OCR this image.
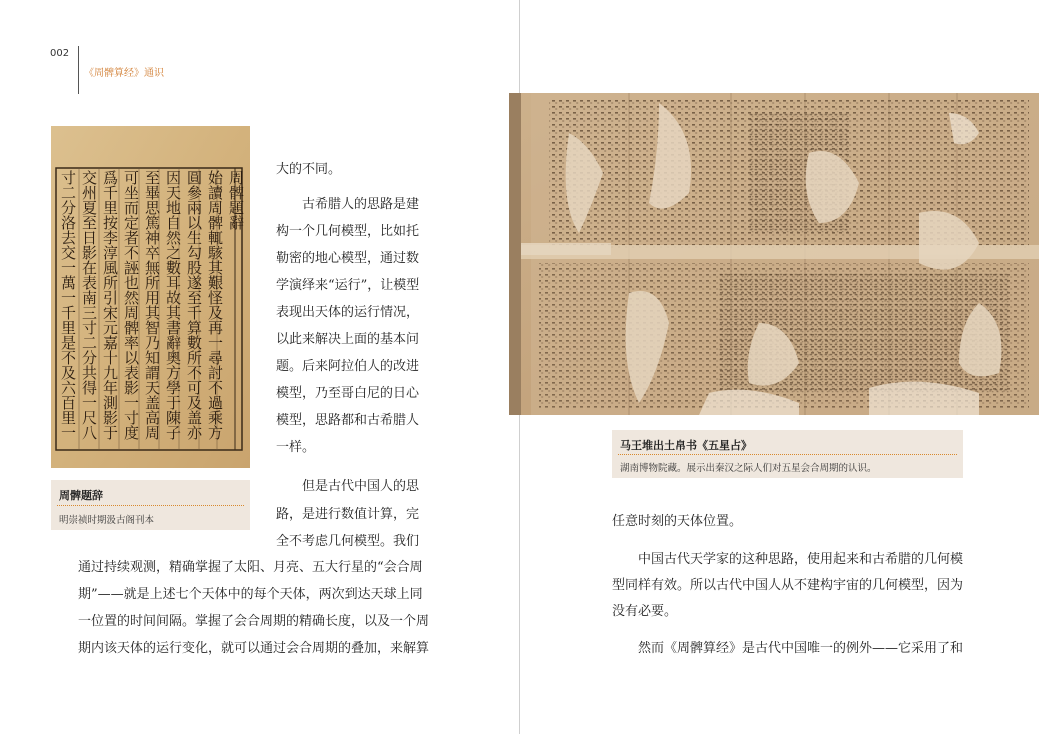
002
《周髀算经》通识
周髀題辭
始讀周髀輒駭其艱怪及再一尋討不過乘方
圓參兩以生勾股遂至千算數所不可及盖亦
因天地自然之數耳故其書辭奧方學于陳子
至畢思篤神卒無所用其智乃知謂天盖高周
可坐而定者不誣也然周髀率以表影一寸度
爲千里按李淳風所引宋元嘉十九年測影于
交州夏至日影在表南三寸二分共得一尺八
寸二分洛去交一萬一千里是不及六百里一
周髀题辞
明崇祯时期汲古阁刊本
大的不同。
古希腊人的思路是建
构一个几何模型，比如托
勒密的地心模型，通过数
学演绎来“运行”，让模型
表现出天体的运行情况，
以此来解决上面的基本问
题。后来阿拉伯人的改进
模型，乃至哥白尼的日心
模型，思路都和古希腊人
一样。
但是古代中国人的思
路，是进行数值计算，完
全不考虑几何模型。我们
通过持续观测，精确掌握了太阳、月亮、五大行星的“会合周
期”——就是上述七个天体中的每个天体，两次到达天球上同
一位置的时间间隔。掌握了会合周期的精确长度，以及一个周
期内该天体的运行变化，就可以通过会合周期的叠加，来解算
马王堆出土帛书《五星占》
湖南博物院藏。展示出秦汉之际人们对五星会合周期的认识。
任意时刻的天体位置。
中国古代天学家的这种思路，使用起来和古希腊的几何模
型同样有效。所以古代中国人从不建构宇宙的几何模型，因为
没有必要。
然而《周髀算经》是古代中国唯一的例外——它采用了和
